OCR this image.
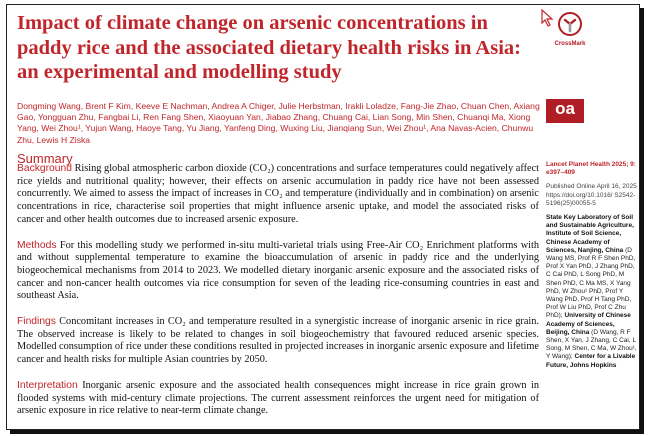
Impact of climate change on arsenic concentrations in paddy rice and the associated dietary health risks in Asia: an experimental and modelling study
CrossMark
Dongming Wang, Brent F Kim, Keeve E Nachman, Andrea A Chiger, Julie Herbstman, Irakli Loladze, Fang-Jie Zhao, Chuan Chen, Axiang Gao, Yongguan Zhu, Fangbai Li, Ren Fang Shen, Xiaoyuan Yan, Jiabao Zhang, Chuang Cai, Lian Song, Min Shen, Chuanqi Ma, Xiong Yang, Wei Zhou¹, Yujun Wang, Haoye Tang, Yu Jiang, Yanfeng Ding, Wuxing Liu, Jianqiang Sun, Wei Zhou¹, Ana Navas-Acien, Chunwu Zhu, Lewis H Ziska
oa
Summary

Background Rising global atmospheric carbon dioxide (CO₂) concentrations and surface temperatures could negatively affect rice yields and nutritional quality; however, their effects on arsenic accumulation in paddy rice have not been assessed concurrently. We aimed to assess the impact of increases in CO₂ and temperature (individually and in combination) on arsenic concentrations in rice, characterise soil properties that might influence arsenic uptake, and model the associated risks of cancer and other health outcomes due to increased arsenic exposure.

Methods For this modelling study we performed in-situ multi-varietal trials using Free-Air CO₂ Enrichment platforms with and without supplemental temperature to examine the bioaccumulation of arsenic in paddy rice and the underlying biogeochemical mechanisms from 2014 to 2023. We modelled dietary inorganic arsenic exposure and the associated risks of cancer and non-cancer health outcomes via rice consumption for seven of the leading rice-consuming countries in east and southeast Asia.

Findings Concomitant increases in CO₂ and temperature resulted in a synergistic increase of inorganic arsenic in rice grain. The observed increase is likely to be related to changes in soil biogeochemistry that favoured reduced arsenic species. Modelled consumption of rice under these conditions resulted in projected increases in inorganic arsenic exposure and lifetime cancer and health risks for multiple Asian countries by 2050.

Interpretation Inorganic arsenic exposure and the associated health consequences might increase in rice grain grown in flooded systems with mid-century climate projections. The current assessment reinforces the urgent need for mitigation of arsenic exposure in rice relative to near-term climate change.

Lancet Planet Health 2025; 9: e397–409
Published Online April 16, 2025 https://doi.org/10.1016/ S2542-5196(25)00055-5
State Key Laboratory of Soil and Sustainable Agriculture, Institute of Soil Science, Chinese Academy of Sciences, Nanjing, China (D Wang MS, Prof R F Shen PhD, Prof X Yan PhD, J Zhang PhD, C Cai PhD, L Song PhD, M Shen PhD, C Ma MS, X Yang PhD, W Zhou¹ PhD, Prof Y Wang PhD, Prof H Tang PhD, Prof W Liu PhD, Prof C Zhu PhD); University of Chinese Academy of Sciences, Beijing, China (D Wang, R F Shen, X Yan, J Zhang, C Cai, L Song, M Shen, C Ma, W Zhou¹, Y Wang); Center for a Livable Future, Johns Hopkins
